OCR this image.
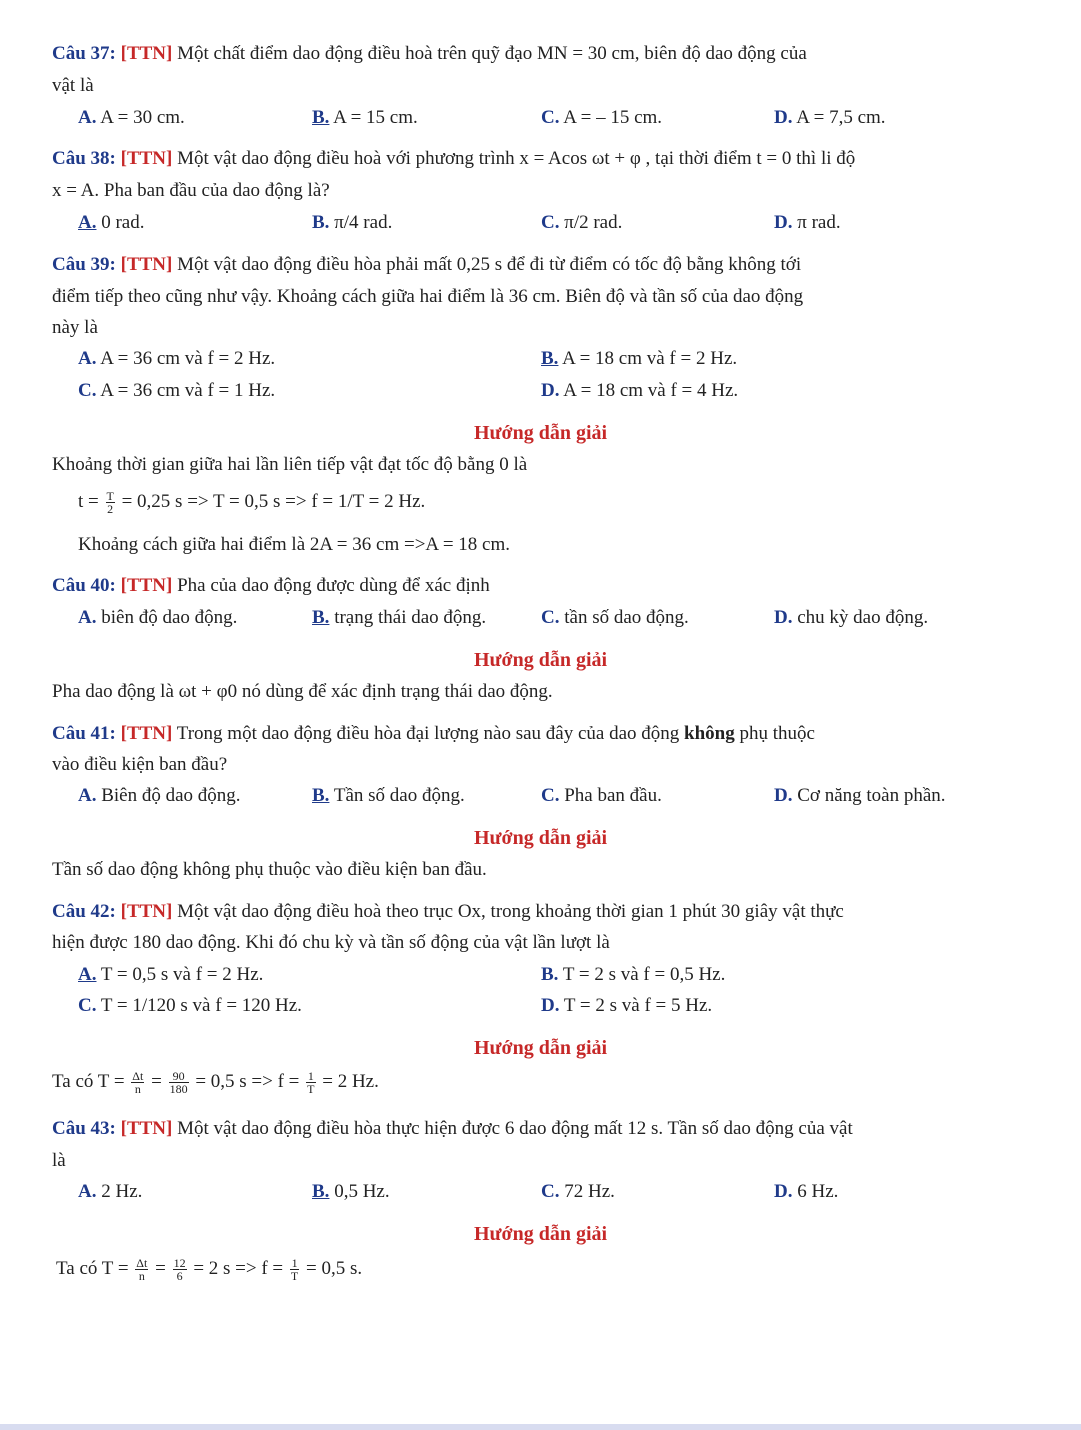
Câu 37: [TTN] Một chất điểm dao động điều hoà trên quỹ đạo MN = 30 cm, biên độ dao động của
vật là
A. A = 30 cm.	B. A = 15 cm.	C. A = – 15 cm.	D. A = 7,5 cm.
Câu 38: [TTN] Một vật dao động điều hoà với phương trình x = Acos ωt + φ , tại thời điểm t = 0 thì li độ
x = A. Pha ban đầu của dao động là?
A. 0 rad.	B. π/4 rad.	C. π/2 rad.	D. π rad.
Câu 39: [TTN] Một vật dao động điều hòa phải mất 0,25 s để đi từ điểm có tốc độ bằng không tới
điểm tiếp theo cũng như vậy. Khoảng cách giữa hai điểm là 36 cm. Biên độ và tần số của dao động
này là
A. A = 36 cm và f = 2 Hz.	B. A = 18 cm và f = 2 Hz.
C. A = 36 cm và f = 1 Hz.	D. A = 18 cm và f = 4 Hz.
Hướng dẫn giải
Khoảng thời gian giữa hai lần liên tiếp vật đạt tốc độ bằng 0 là
$t = \frac{T}{2} = 0,25$ s => T = 0,5 s => f = 1/T = 2 Hz.
Khoảng cách giữa hai điểm là 2A = 36 cm =>A = 18 cm.
Câu 40: [TTN] Pha của dao động được dùng để xác định
A. biên độ dao động.	B. trạng thái dao động.	C. tần số dao động.	D. chu kỳ dao động.
Hướng dẫn giải
Pha dao động là ωt + φ0 nó dùng để xác định trạng thái dao động.
Câu 41: [TTN] Trong một dao động điều hòa đại lượng nào sau đây của dao động không phụ thuộc
vào điều kiện ban đầu?
A. Biên độ dao động.	B. Tần số dao động.	C. Pha ban đầu.	D. Cơ năng toàn phần.
Hướng dẫn giải
Tần số dao động không phụ thuộc vào điều kiện ban đầu.
Câu 42: [TTN] Một vật dao động điều hoà theo trục Ox, trong khoảng thời gian 1 phút 30 giây vật thực
hiện được 180 dao động. Khi đó chu kỳ và tần số động của vật lần lượt là
A. T = 0,5 s và f = 2 Hz.	B. T = 2 s và f = 0,5 Hz.
C. T = 1/120 s và f = 120 Hz.	D. T = 2 s và f = 5 Hz.
Hướng dẫn giải
Ta có $T = \frac{\Delta t}{n} = \frac{90}{180} = 0,5$ $s => f = \frac{1}{T} = 2$ Hz.
Câu 43: [TTN] Một vật dao động điều hòa thực hiện được 6 dao động mất 12 s. Tần số dao động của vật
là
A. 2 Hz.	B. 0,5 Hz.	C. 72 Hz.	D. 6 Hz.
Hướng dẫn giải
Ta có $T = \frac{\Delta t}{n} = \frac{12}{6} = 2$ $s => f = \frac{1}{T} = 0,5$ s.
